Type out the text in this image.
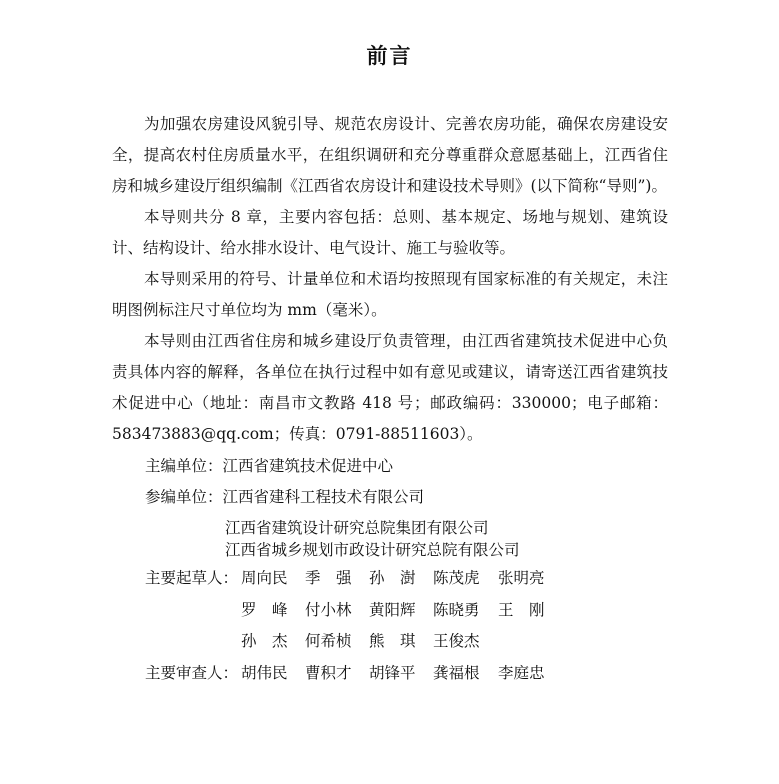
前言

为加强农房建设风貌引导、规范农房设计、完善农房功能，确保农房建设安全，提高农村住房质量水平，在组织调研和充分尊重群众意愿基础上，江西省住房和城乡建设厅组织编制《江西省农房设计和建设技术导则》(以下简称“导则”)。

本导则共分 8 章，主要内容包括：总则、基本规定、场地与规划、建筑设计、结构设计、给水排水设计、电气设计、施工与验收等。

本导则采用的符号、计量单位和术语均按照现有国家标准的有关规定，未注明图例标注尺寸单位均为 mm（毫米）。

本导则由江西省住房和城乡建设厅负责管理，由江西省建筑技术促进中心负责具体内容的解释，各单位在执行过程中如有意见或建议，请寄送江西省建筑技术促进中心（地址：南昌市文教路 418 号；邮政编码：330000；电子邮箱：583473883@qq.com；传真：0791-88511603）。

主编单位：江西省建筑技术促进中心
参编单位：江西省建科工程技术有限公司
江西省建筑设计研究总院集团有限公司
江西省城乡规划市政设计研究总院有限公司
主要起草人： 周向民 季　强 孙　澍 陈茂虎 张明亮
罗　峰 付小林 黄阳辉 陈晓勇 王　刚
孙　杰 何希桢 熊　琪 王俊杰
主要审查人： 胡伟民 曹积才 胡锋平 龚福根 李庭忠
